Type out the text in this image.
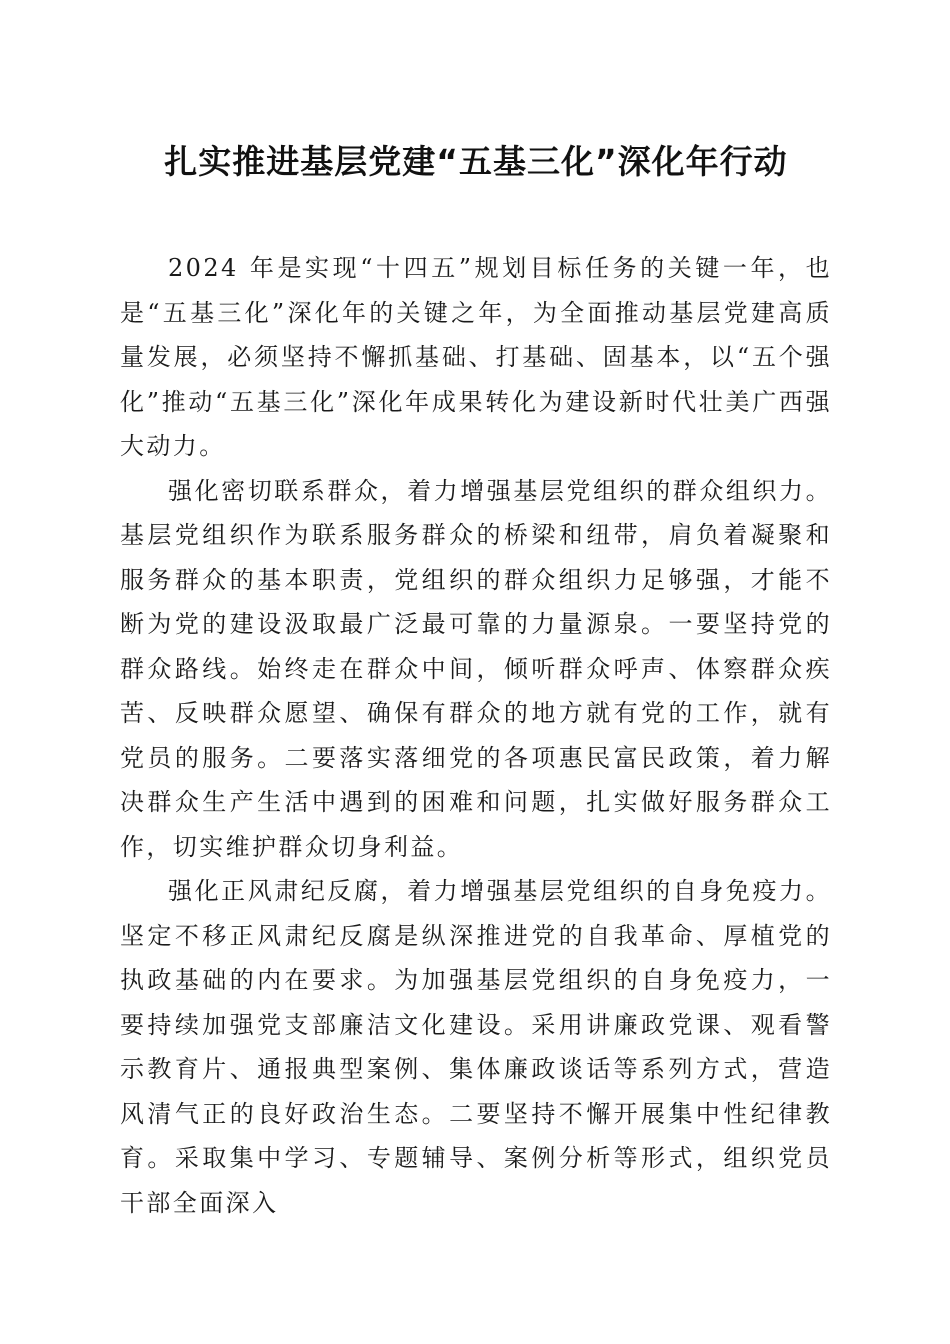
扎实推进基层党建“五基三化”深化年行动

2024 年是实现“十四五”规划目标任务的关键一年，也是“五基三化”深化年的关键之年，为全面推动基层党建高质量发展，必须坚持不懈抓基础、打基础、固基本，以“五个强化”推动“五基三化”深化年成果转化为建设新时代壮美广西强大动力。

强化密切联系群众，着力增强基层党组织的群众组织力。基层党组织作为联系服务群众的桥梁和纽带，肩负着凝聚和服务群众的基本职责，党组织的群众组织力足够强，才能不断为党的建设汲取最广泛最可靠的力量源泉。一要坚持党的群众路线。始终走在群众中间，倾听群众呼声、体察群众疾苦、反映群众愿望、确保有群众的地方就有党的工作，就有党员的服务。二要落实落细党的各项惠民富民政策，着力解决群众生产生活中遇到的困难和问题，扎实做好服务群众工作，切实维护群众切身利益。

强化正风肃纪反腐，着力增强基层党组织的自身免疫力。坚定不移正风肃纪反腐是纵深推进党的自我革命、厚植党的执政基础的内在要求。为加强基层党组织的自身免疫力，一要持续加强党支部廉洁文化建设。采用讲廉政党课、观看警示教育片、通报典型案例、集体廉政谈话等系列方式，营造风清气正的良好政治生态。二要坚持不懈开展集中性纪律教育。采取集中学习、专题辅导、案例分析等形式，组织党员干部全面深入
